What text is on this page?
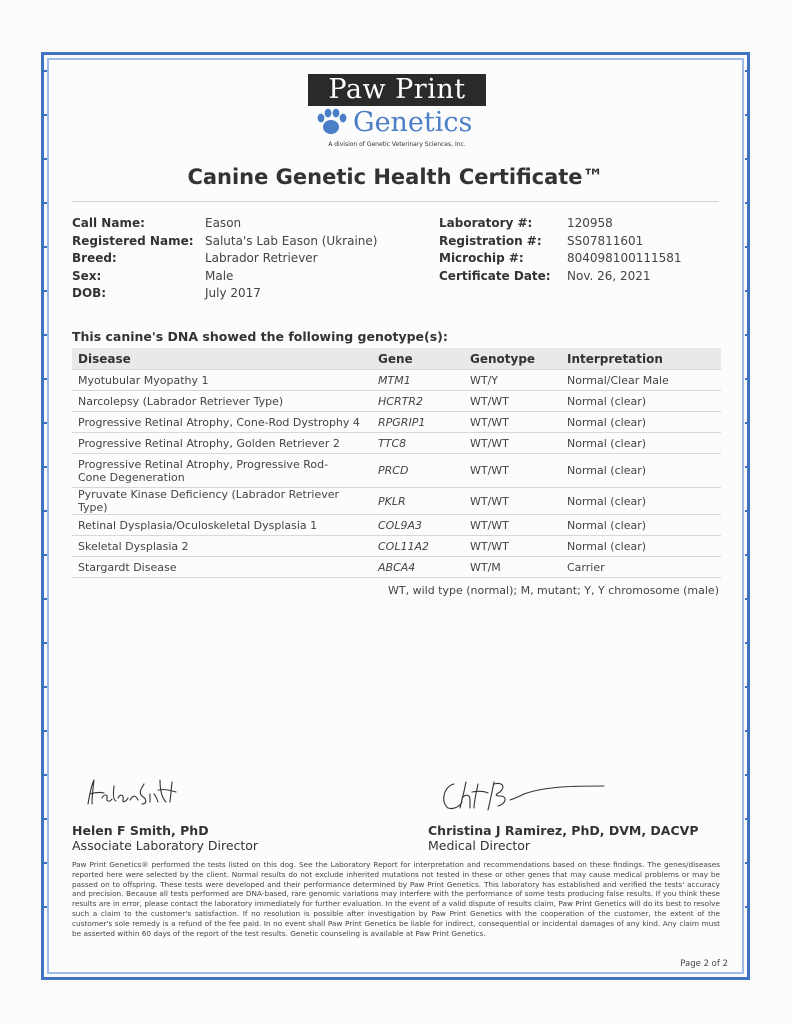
Paw Print
Genetics
A division of Genetic Veterinary Sciences, Inc.
Canine Genetic Health Certificate™
Call Name:	Eason
Registered Name: Saluta's Lab Eason (Ukraine)
Breed:	Labrador Retriever
Sex:	Male
DOB:	July 2017
Laboratory #:	120958
Registration #: SS07811601
Microchip #:	804098100111581
Certificate Date: Nov. 26, 2021
This canine's DNA showed the following genotype(s):
Disease	Gene	Genotype	Interpretation
Myotubular Myopathy 1	MTM1	WT/Y	Normal/Clear Male
Narcolepsy (Labrador Retriever Type)	HCRTR2	WT/WT	Normal (clear)
Progressive Retinal Atrophy, Cone-Rod Dystrophy 4	RPGRIP1	WT/WT	Normal (clear)
Progressive Retinal Atrophy, Golden Retriever 2	TTC8	WT/WT	Normal (clear)
Progressive Retinal Atrophy, Progressive Rod-Cone Degeneration	PRCD	WT/WT	Normal (clear)
Pyruvate Kinase Deficiency (Labrador Retriever Type)	PKLR	WT/WT	Normal (clear)
Retinal Dysplasia/Oculoskeletal Dysplasia 1	COL9A3	WT/WT	Normal (clear)
Skeletal Dysplasia 2	COL11A2	WT/WT	Normal (clear)
Stargardt Disease	ABCA4	WT/M	Carrier
WT, wild type (normal); M, mutant; Y, Y chromosome (male)
Helen F Smith, PhD
Associate Laboratory Director
Christina J Ramirez, PhD, DVM, DACVP
Medical Director
Paw Print Genetics® performed the tests listed on this dog. See the Laboratory Report for interpretation and recommendations based on these findings. The genes/diseases reported here were selected by the client. Normal results do not exclude inherited mutations not tested in these or other genes that may cause medical problems or may be passed on to offspring. These tests were developed and their performance determined by Paw Print Genetics. This laboratory has established and verified the tests' accuracy and precision. Because all tests performed are DNA-based, rare genomic variations may interfere with the performance of some tests producing false results. If you think these results are in error, please contact the laboratory immediately for further evaluation. In the event of a valid dispute of results claim, Paw Print Genetics will do its best to resolve such a claim to the customer's satisfaction. If no resolution is possible after investigation by Paw Print Genetics with the cooperation of the customer, the extent of the customer's sole remedy is a refund of the fee paid. In no event shall Paw Print Genetics be liable for indirect, consequential or incidental damages of any kind. Any claim must be asserted within 60 days of the report of the test results. Genetic counseling is available at Paw Print Genetics.
Page 2 of 2
